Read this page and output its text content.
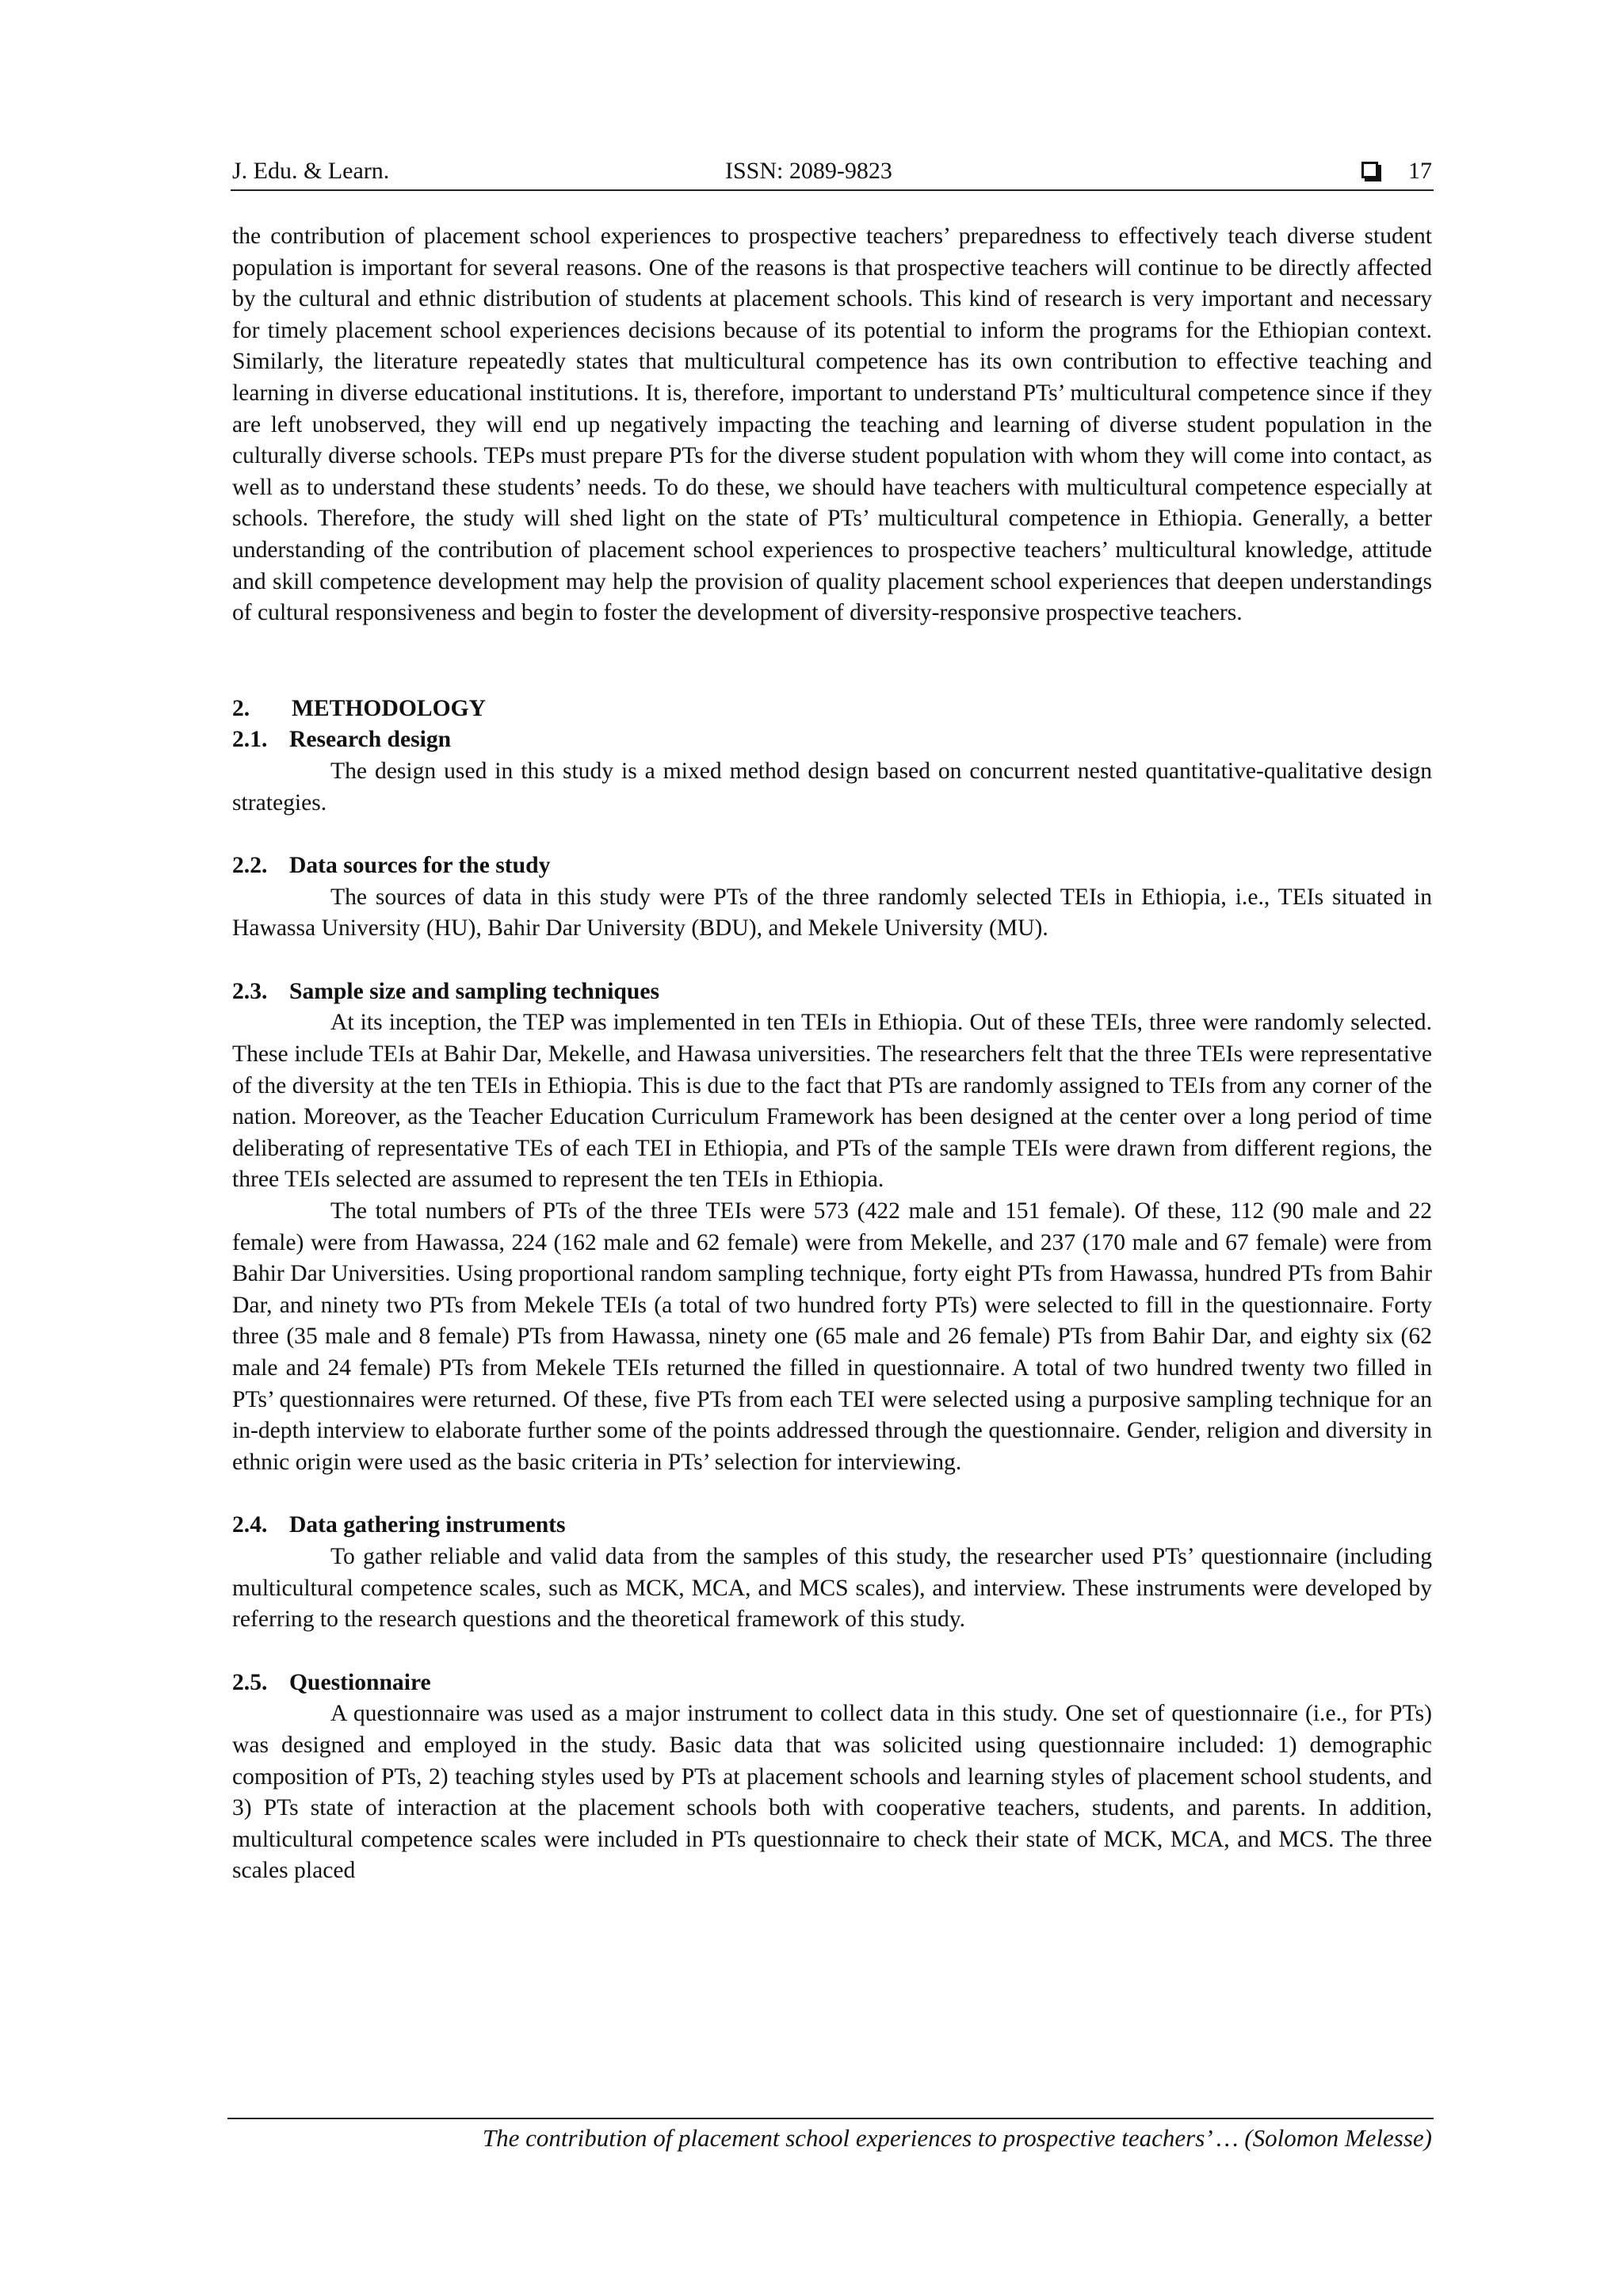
J. Edu. & Learn.	ISSN: 2089-9823	17

the contribution of placement school experiences to prospective teachers’ preparedness to effectively teach diverse student population is important for several reasons. One of the reasons is that prospective teachers will continue to be directly affected by the cultural and ethnic distribution of students at placement schools. This kind of research is very important and necessary for timely placement school experiences decisions because of its potential to inform the programs for the Ethiopian context. Similarly, the literature repeatedly states that multicultural competence has its own contribution to effective teaching and learning in diverse educational institutions. It is, therefore, important to understand PTs’ multicultural competence since if they are left unobserved, they will end up negatively impacting the teaching and learning of diverse student population in the culturally diverse schools. TEPs must prepare PTs for the diverse student population with whom they will come into contact, as well as to understand these students’ needs. To do these, we should have teachers with multicultural competence especially at schools. Therefore, the study will shed light on the state of PTs’ multicultural competence in Ethiopia. Generally, a better understanding of the contribution of placement school experiences to prospective teachers’ multicultural knowledge, attitude and skill competence development may help the provision of quality placement school experiences that deepen understandings of cultural responsiveness and begin to foster the development of diversity-responsive prospective teachers.

2. METHODOLOGY
2.1. Research design

The design used in this study is a mixed method design based on concurrent nested quantitative-qualitative design strategies.

2.2. Data sources for the study

The sources of data in this study were PTs of the three randomly selected TEIs in Ethiopia, i.e., TEIs situated in Hawassa University (HU), Bahir Dar University (BDU), and Mekele University (MU).

2.3. Sample size and sampling techniques

At its inception, the TEP was implemented in ten TEIs in Ethiopia. Out of these TEIs, three were randomly selected. These include TEIs at Bahir Dar, Mekelle, and Hawasa universities. The researchers felt that the three TEIs were representative of the diversity at the ten TEIs in Ethiopia. This is due to the fact that PTs are randomly assigned to TEIs from any corner of the nation. Moreover, as the Teacher Education Curriculum Framework has been designed at the center over a long period of time deliberating of representative TEs of each TEI in Ethiopia, and PTs of the sample TEIs were drawn from different regions, the three TEIs selected are assumed to represent the ten TEIs in Ethiopia.

The total numbers of PTs of the three TEIs were 573 (422 male and 151 female). Of these, 112 (90 male and 22 female) were from Hawassa, 224 (162 male and 62 female) were from Mekelle, and 237 (170 male and 67 female) were from Bahir Dar Universities. Using proportional random sampling technique, forty eight PTs from Hawassa, hundred PTs from Bahir Dar, and ninety two PTs from Mekele TEIs (a total of two hundred forty PTs) were selected to fill in the questionnaire. Forty three (35 male and 8 female) PTs from Hawassa, ninety one (65 male and 26 female) PTs from Bahir Dar, and eighty six (62 male and 24 female) PTs from Mekele TEIs returned the filled in questionnaire. A total of two hundred twenty two filled in PTs’ questionnaires were returned. Of these, five PTs from each TEI were selected using a purposive sampling technique for an in-depth interview to elaborate further some of the points addressed through the questionnaire. Gender, religion and diversity in ethnic origin were used as the basic criteria in PTs’ selection for interviewing.

2.4. Data gathering instruments

To gather reliable and valid data from the samples of this study, the researcher used PTs’ questionnaire (including multicultural competence scales, such as MCK, MCA, and MCS scales), and interview. These instruments were developed by referring to the research questions and the theoretical framework of this study.

2.5. Questionnaire

A questionnaire was used as a major instrument to collect data in this study. One set of questionnaire (i.e., for PTs) was designed and employed in the study. Basic data that was solicited using questionnaire included: 1) demographic composition of PTs, 2) teaching styles used by PTs at placement schools and learning styles of placement school students, and 3) PTs state of interaction at the placement schools both with cooperative teachers, students, and parents. In addition, multicultural competence scales were included in PTs questionnaire to check their state of MCK, MCA, and MCS. The three scales placed

The contribution of placement school experiences to prospective teachers’ … (Solomon Melesse)
